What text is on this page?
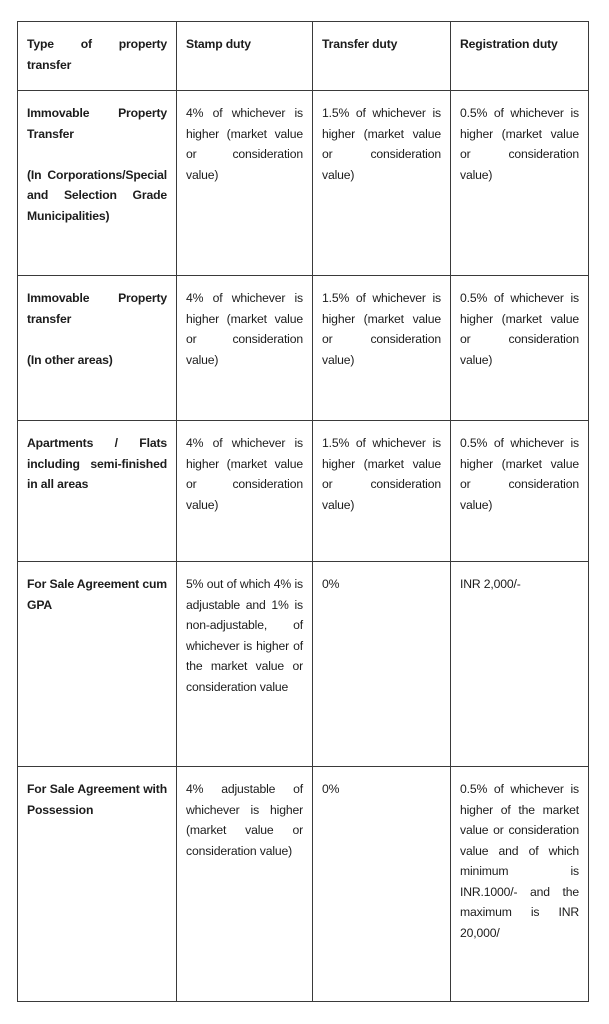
Type of property transfer	Stamp duty	Transfer duty	Registration duty

Immovable Property Transfer
(In Corporations/Special and Selection Grade Municipalities)	4% of whichever is higher (market value or consideration value)	1.5% of whichever is higher (market value or consideration value)	0.5% of whichever is higher (market value or consideration value)

Immovable Property transfer
(In other areas)	4% of whichever is higher (market value or consideration value)	1.5% of whichever is higher (market value or consideration value)	0.5% of whichever is higher (market value or consideration value)

Apartments / Flats including semi-finished in all areas	4% of whichever is higher (market value or consideration value)	1.5% of whichever is higher (market value or consideration value)	0.5% of whichever is higher (market value or consideration value)

For Sale Agreement cum GPA	5% out of which 4% is adjustable and 1% is non-adjustable, of whichever is higher of the market value or consideration value	0%	INR 2,000/-

For Sale Agreement with Possession	4% adjustable of whichever is higher (market value or consideration value)	0%	0.5% of whichever is higher of the market value or consideration value and of which minimum is INR.1000/- and the maximum is INR 20,000/
